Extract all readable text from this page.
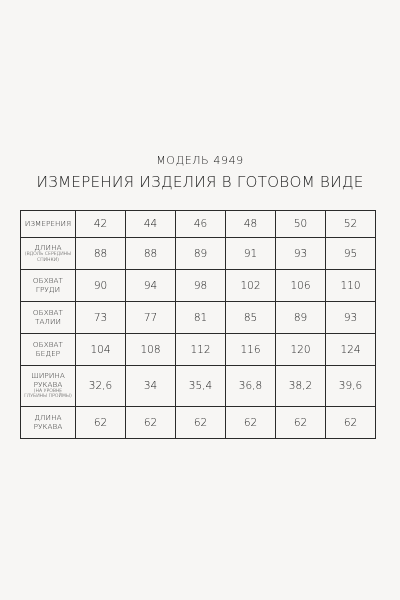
МОДЕЛЬ 4949
ИЗМЕРЕНИЯ ИЗДЕЛИЯ В ГОТОВОМ ВИДЕ
ИЗМЕРЕНИЯ	42	44	46	48	50	52

ДЛИНА
(ВДОЛЬ СЕРЕДИНЫ
СПИНКИ)	88	88	89	91	93	95

ОБХВАТ
ГРУДИ	90	94	98	102	106	110

ОБХВАТ
ТАЛИИ	73	77	81	85	89	93

ОБХВАТ
БЕДЕР	104	108	112	116	120	124

ШИРИНА
РУКАВА
(НА УРОВНЕ
ГЛУБИНЫ ПРОЙМЫ)	32,6	34	35,4	36,8	38,2	39,6

ДЛИНА
РУКАВА	62	62	62	62	62	62
